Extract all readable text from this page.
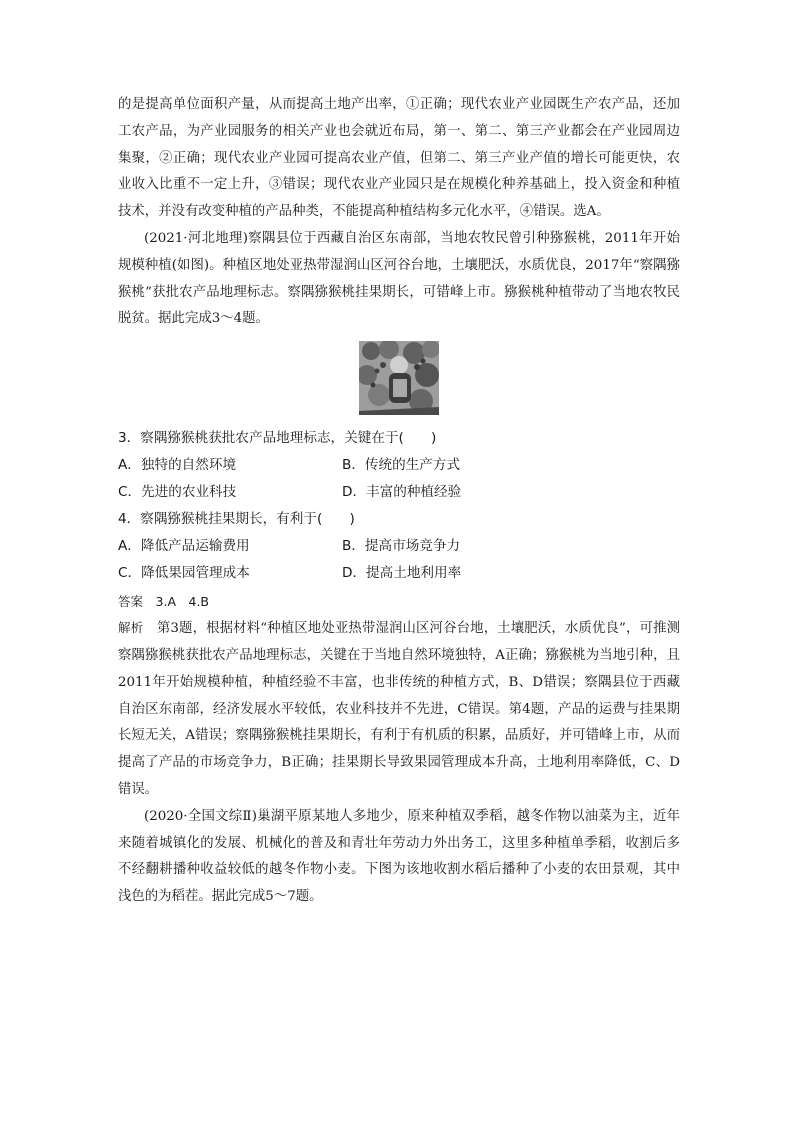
的是提高单位面积产量，从而提高土地产出率，①正确；现代农业产业园既生产农产品，还加工农产品，为产业园服务的相关产业也会就近布局，第一、第二、第三产业都会在产业园周边集聚，②正确；现代农业产业园可提高农业产值，但第二、第三产业产值的增长可能更快，农业收入比重不一定上升，③错误；现代农业产业园只是在规模化种养基础上，投入资金和种植技术，并没有改变种植的产品种类，不能提高种植结构多元化水平，④错误。选A。

(2021·河北地理)察隅县位于西藏自治区东南部，当地农牧民曾引种猕猴桃，2011年开始规模种植(如图)。种植区地处亚热带湿润山区河谷台地，土壤肥沃，水质优良，2017年“察隅猕猴桃”获批农产品地理标志。察隅猕猴桃挂果期长，可错峰上市。猕猴桃种植带动了当地农牧民脱贫。据此完成3～4题。

3．察隅猕猴桃获批农产品地理标志，关键在于(　　)

A．独特的自然环境	B．传统的生产方式
C．先进的农业科技	D．丰富的种植经验

4．察隅猕猴桃挂果期长，有利于(　　)

A．降低产品运输费用	B．提高市场竞争力
C．降低果园管理成本	D．提高土地利用率
答案　 3.A　4.B

解析　 第3题，根据材料“种植区地处亚热带湿润山区河谷台地，土壤肥沃，水质优良”，可推测察隅猕猴桃获批农产品地理标志，关键在于当地自然环境独特，A正确；猕猴桃为当地引种，且2011年开始规模种植，种植经验不丰富，也非传统的种植方式，B、D错误；察隅县位于西藏自治区东南部，经济发展水平较低，农业科技并不先进，C错误。第4题，产品的运费与挂果期长短无关，A错误；察隅猕猴桃挂果期长，有利于有机质的积累，品质好，并可错峰上市，从而提高了产品的市场竞争力，B正确；挂果期长导致果园管理成本升高，土地利用率降低，C、D错误。

(2020·全国文综Ⅱ)巢湖平原某地人多地少，原来种植双季稻，越冬作物以油菜为主，近年来随着城镇化的发展、机械化的普及和青壮年劳动力外出务工，这里多种植单季稻，收割后多不经翻耕播种收益较低的越冬作物小麦。下图为该地收割水稻后播种了小麦的农田景观，其中浅色的为稻茬。据此完成5～7题。
